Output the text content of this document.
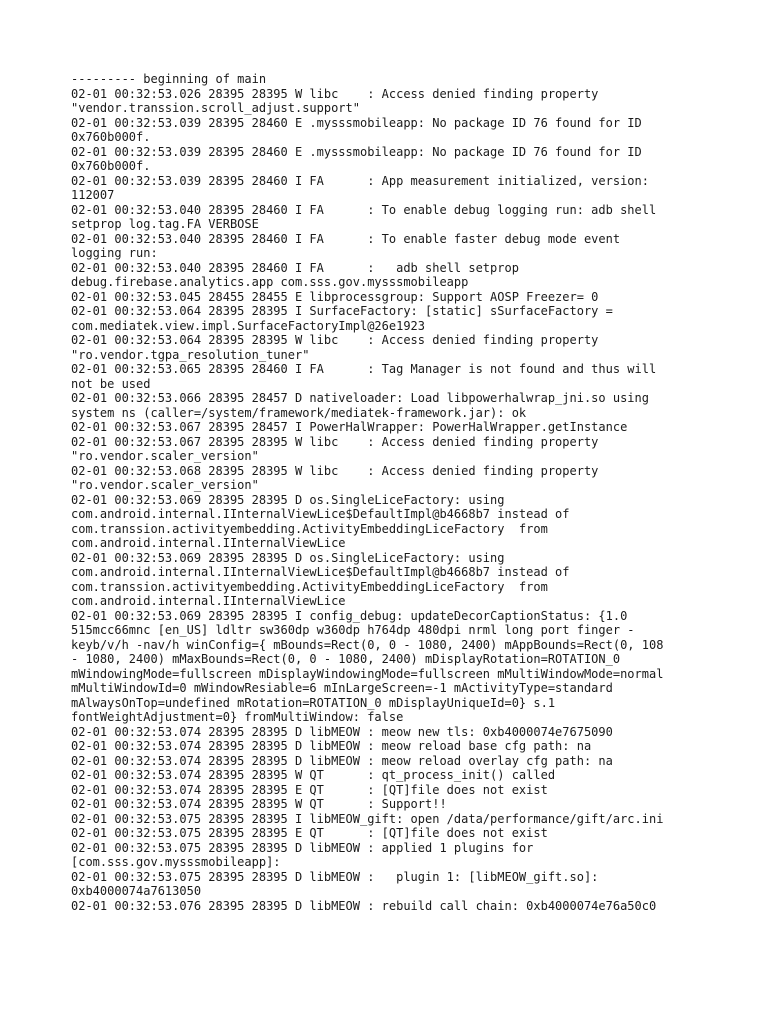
--------- beginning of main
02-01 00:32:53.026 28395 28395 W libc    : Access denied finding property
"vendor.transsion.scroll_adjust.support"
02-01 00:32:53.039 28395 28460 E .mysssmobileapp: No package ID 76 found for ID
0x760b000f.
02-01 00:32:53.039 28395 28460 E .mysssmobileapp: No package ID 76 found for ID
0x760b000f.
02-01 00:32:53.039 28395 28460 I FA      : App measurement initialized, version:
112007
02-01 00:32:53.040 28395 28460 I FA      : To enable debug logging run: adb shell
setprop log.tag.FA VERBOSE
02-01 00:32:53.040 28395 28460 I FA      : To enable faster debug mode event
logging run:
02-01 00:32:53.040 28395 28460 I FA      :   adb shell setprop
debug.firebase.analytics.app com.sss.gov.mysssmobileapp
02-01 00:32:53.045 28455 28455 E libprocessgroup: Support AOSP Freezer= 0
02-01 00:32:53.064 28395 28395 I SurfaceFactory: [static] sSurfaceFactory =
com.mediatek.view.impl.SurfaceFactoryImpl@26e1923
02-01 00:32:53.064 28395 28395 W libc    : Access denied finding property
"ro.vendor.tgpa_resolution_tuner"
02-01 00:32:53.065 28395 28460 I FA      : Tag Manager is not found and thus will
not be used
02-01 00:32:53.066 28395 28457 D nativeloader: Load libpowerhalwrap_jni.so using
system ns (caller=/system/framework/mediatek-framework.jar): ok
02-01 00:32:53.067 28395 28457 I PowerHalWrapper: PowerHalWrapper.getInstance
02-01 00:32:53.067 28395 28395 W libc    : Access denied finding property
"ro.vendor.scaler_version"
02-01 00:32:53.068 28395 28395 W libc    : Access denied finding property
"ro.vendor.scaler_version"
02-01 00:32:53.069 28395 28395 D os.SingleLiceFactory: using
com.android.internal.IInternalViewLice$DefaultImpl@b4668b7 instead of
com.transsion.activityembedding.ActivityEmbeddingLiceFactory  from
com.android.internal.IInternalViewLice
02-01 00:32:53.069 28395 28395 D os.SingleLiceFactory: using
com.android.internal.IInternalViewLice$DefaultImpl@b4668b7 instead of
com.transsion.activityembedding.ActivityEmbeddingLiceFactory  from
com.android.internal.IInternalViewLice
02-01 00:32:53.069 28395 28395 I config_debug: updateDecorCaptionStatus: {1.0
515mcc66mnc [en_US] ldltr sw360dp w360dp h764dp 480dpi nrml long port finger -
keyb/v/h -nav/h winConfig={ mBounds=Rect(0, 0 - 1080, 2400) mAppBounds=Rect(0, 108
- 1080, 2400) mMaxBounds=Rect(0, 0 - 1080, 2400) mDisplayRotation=ROTATION_0
mWindowingMode=fullscreen mDisplayWindowingMode=fullscreen mMultiWindowMode=normal
mMultiWindowId=0 mWindowResiable=6 mInLargeScreen=-1 mActivityType=standard
mAlwaysOnTop=undefined mRotation=ROTATION_0 mDisplayUniqueId=0} s.1
fontWeightAdjustment=0} fromMultiWindow: false
02-01 00:32:53.074 28395 28395 D libMEOW : meow new tls: 0xb4000074e7675090
02-01 00:32:53.074 28395 28395 D libMEOW : meow reload base cfg path: na
02-01 00:32:53.074 28395 28395 D libMEOW : meow reload overlay cfg path: na
02-01 00:32:53.074 28395 28395 W QT      : qt_process_init() called
02-01 00:32:53.074 28395 28395 E QT      : [QT]file does not exist
02-01 00:32:53.074 28395 28395 W QT      : Support!!
02-01 00:32:53.075 28395 28395 I libMEOW_gift: open /data/performance/gift/arc.ini
02-01 00:32:53.075 28395 28395 E QT      : [QT]file does not exist
02-01 00:32:53.075 28395 28395 D libMEOW : applied 1 plugins for
[com.sss.gov.mysssmobileapp]:
02-01 00:32:53.075 28395 28395 D libMEOW :   plugin 1: [libMEOW_gift.so]:
0xb4000074a7613050
02-01 00:32:53.076 28395 28395 D libMEOW : rebuild call chain: 0xb4000074e76a50c0
